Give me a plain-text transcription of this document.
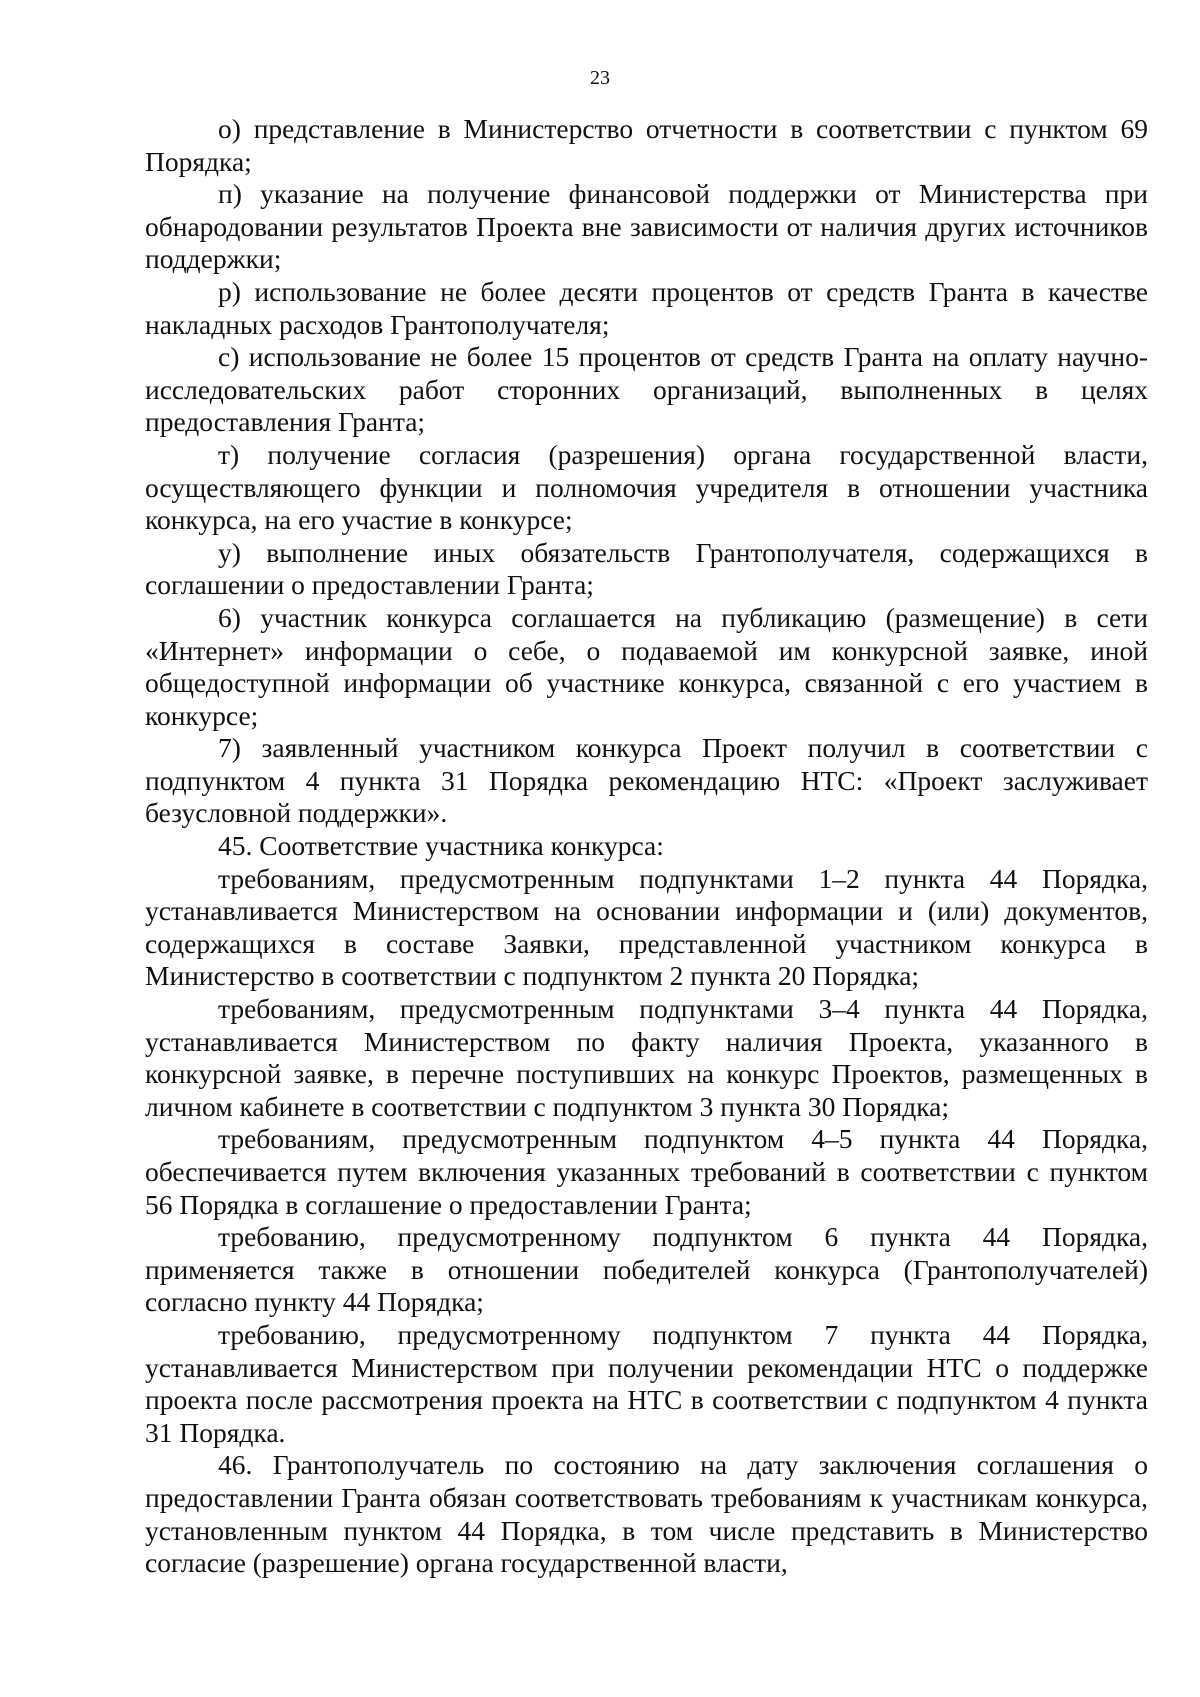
23

о) представление в Министерство отчетности в соответствии с пунктом 69 Порядка;

п) указание на получение финансовой поддержки от Министерства при обнародовании результатов Проекта вне зависимости от наличия других источников поддержки;

р) использование не более десяти процентов от средств Гранта в качестве накладных расходов Грантополучателя;

с) использование не более 15 процентов от средств Гранта на оплату научно-исследовательских работ сторонних организаций, выполненных в целях предоставления Гранта;

т) получение согласия (разрешения) органа государственной власти, осуществляющего функции и полномочия учредителя в отношении участника конкурса, на его участие в конкурсе;

у) выполнение иных обязательств Грантополучателя, содержащихся в соглашении о предоставлении Гранта;

6) участник конкурса соглашается на публикацию (размещение) в сети «Интернет» информации о себе, о подаваемой им конкурсной заявке, иной общедоступной информации об участнике конкурса, связанной с его участием в конкурсе;

7) заявленный участником конкурса Проект получил в соответствии с подпунктом 4 пункта 31 Порядка рекомендацию НТС: «Проект заслуживает безусловной поддержки».

45. Соответствие участника конкурса:

требованиям, предусмотренным подпунктами 1–2 пункта 44 Порядка, устанавливается Министерством на основании информации и (или) документов, содержащихся в составе Заявки, представленной участником конкурса в Министерство в соответствии с подпунктом 2 пункта 20 Порядка;

требованиям, предусмотренным подпунктами 3–4 пункта 44 Порядка, устанавливается Министерством по факту наличия Проекта, указанного в конкурсной заявке, в перечне поступивших на конкурс Проектов, размещенных в личном кабинете в соответствии с подпунктом 3 пункта 30 Порядка;

требованиям, предусмотренным подпунктом 4–5 пункта 44 Порядка, обеспечивается путем включения указанных требований в соответствии с пунктом 56 Порядка в соглашение о предоставлении Гранта;

требованию, предусмотренному подпунктом 6 пункта 44 Порядка, применяется также в отношении победителей конкурса (Грантополучателей) согласно пункту 44 Порядка;

требованию, предусмотренному подпунктом 7 пункта 44 Порядка, устанавливается Министерством при получении рекомендации НТС о поддержке проекта после рассмотрения проекта на НТС в соответствии с подпунктом 4 пункта 31 Порядка.

46. Грантополучатель по состоянию на дату заключения соглашения о предоставлении Гранта обязан соответствовать требованиям к участникам конкурса, установленным пунктом 44 Порядка, в том числе представить в Министерство согласие (разрешение) органа государственной власти,
